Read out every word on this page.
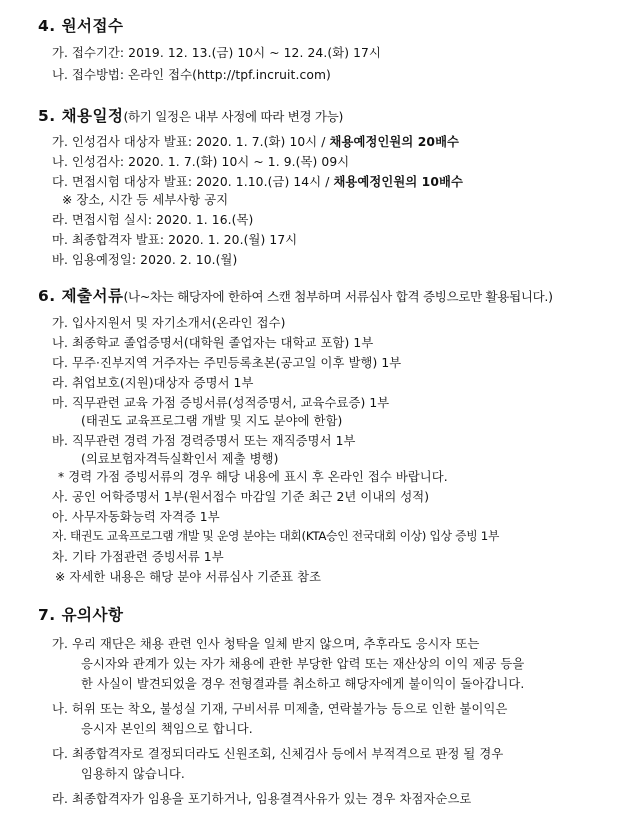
4. 원서접수
가. 접수기간: 2019. 12. 13.(금) 10시 ~ 12. 24.(화) 17시
나. 접수방법: 온라인 접수(http://tpf.incruit.com)
5. 채용일정(하기 일정은 내부 사정에 따라 변경 가능)
가. 인성검사 대상자 발표: 2020. 1. 7.(화) 10시 / 채용예정인원의 20배수
나. 인성검사: 2020. 1. 7.(화) 10시 ~ 1. 9.(목) 09시
다. 면접시험 대상자 발표: 2020. 1.10.(금) 14시 / 채용예정인원의 10배수
※ 장소, 시간 등 세부사항 공지
라. 면접시험 실시: 2020. 1. 16.(목)
마. 최종합격자 발표: 2020. 1. 20.(월) 17시
바. 임용예정일: 2020. 2. 10.(월)
6. 제출서류(나~차는 해당자에 한하여 스캔 첨부하며 서류심사 합격 증빙으로만 활용됩니다.)
가. 입사지원서 및 자기소개서(온라인 접수)
나. 최종학교 졸업증명서(대학원 졸업자는 대학교 포함) 1부
다. 무주·진부지역 거주자는 주민등록초본(공고일 이후 발행) 1부
라. 취업보호(지원)대상자 증명서 1부
마. 직무관련 교육 가점 증빙서류(성적증명서, 교육수료증) 1부
(태권도 교육프로그램 개발 및 지도 분야에 한함)
바. 직무관련 경력 가점 경력증명서 또는 재직증명서 1부
(의료보험자격득실확인서 제출 병행)
* 경력 가점 증빙서류의 경우 해당 내용에 표시 후 온라인 접수 바랍니다.
사. 공인 어학증명서 1부(원서접수 마감일 기준 최근 2년 이내의 성적)
아. 사무자동화능력 자격증 1부
자. 태권도 교육프로그램 개발 및 운영 분야는 대회(KTA승인 전국대회 이상) 입상 증빙 1부
차. 기타 가점관련 증빙서류 1부
※ 자세한 내용은 해당 분야 서류심사 기준표 참조
7. 유의사항
가. 우리 재단은 채용 관련 인사 청탁을 일체 받지 않으며, 추후라도 응시자 또는
응시자와 관계가 있는 자가 채용에 관한 부당한 압력 또는 재산상의 이익 제공 등을
한 사실이 발견되었을 경우 전형결과를 취소하고 해당자에게 불이익이 돌아갑니다.
나. 허위 또는 착오, 불성실 기재, 구비서류 미제출, 연락불가능 등으로 인한 불이익은
응시자 본인의 책임으로 합니다.
다. 최종합격자로 결정되더라도 신원조회, 신체검사 등에서 부적격으로 판정 될 경우
임용하지 않습니다.
라. 최종합격자가 임용을 포기하거나, 임용결격사유가 있는 경우 차점자순으로
